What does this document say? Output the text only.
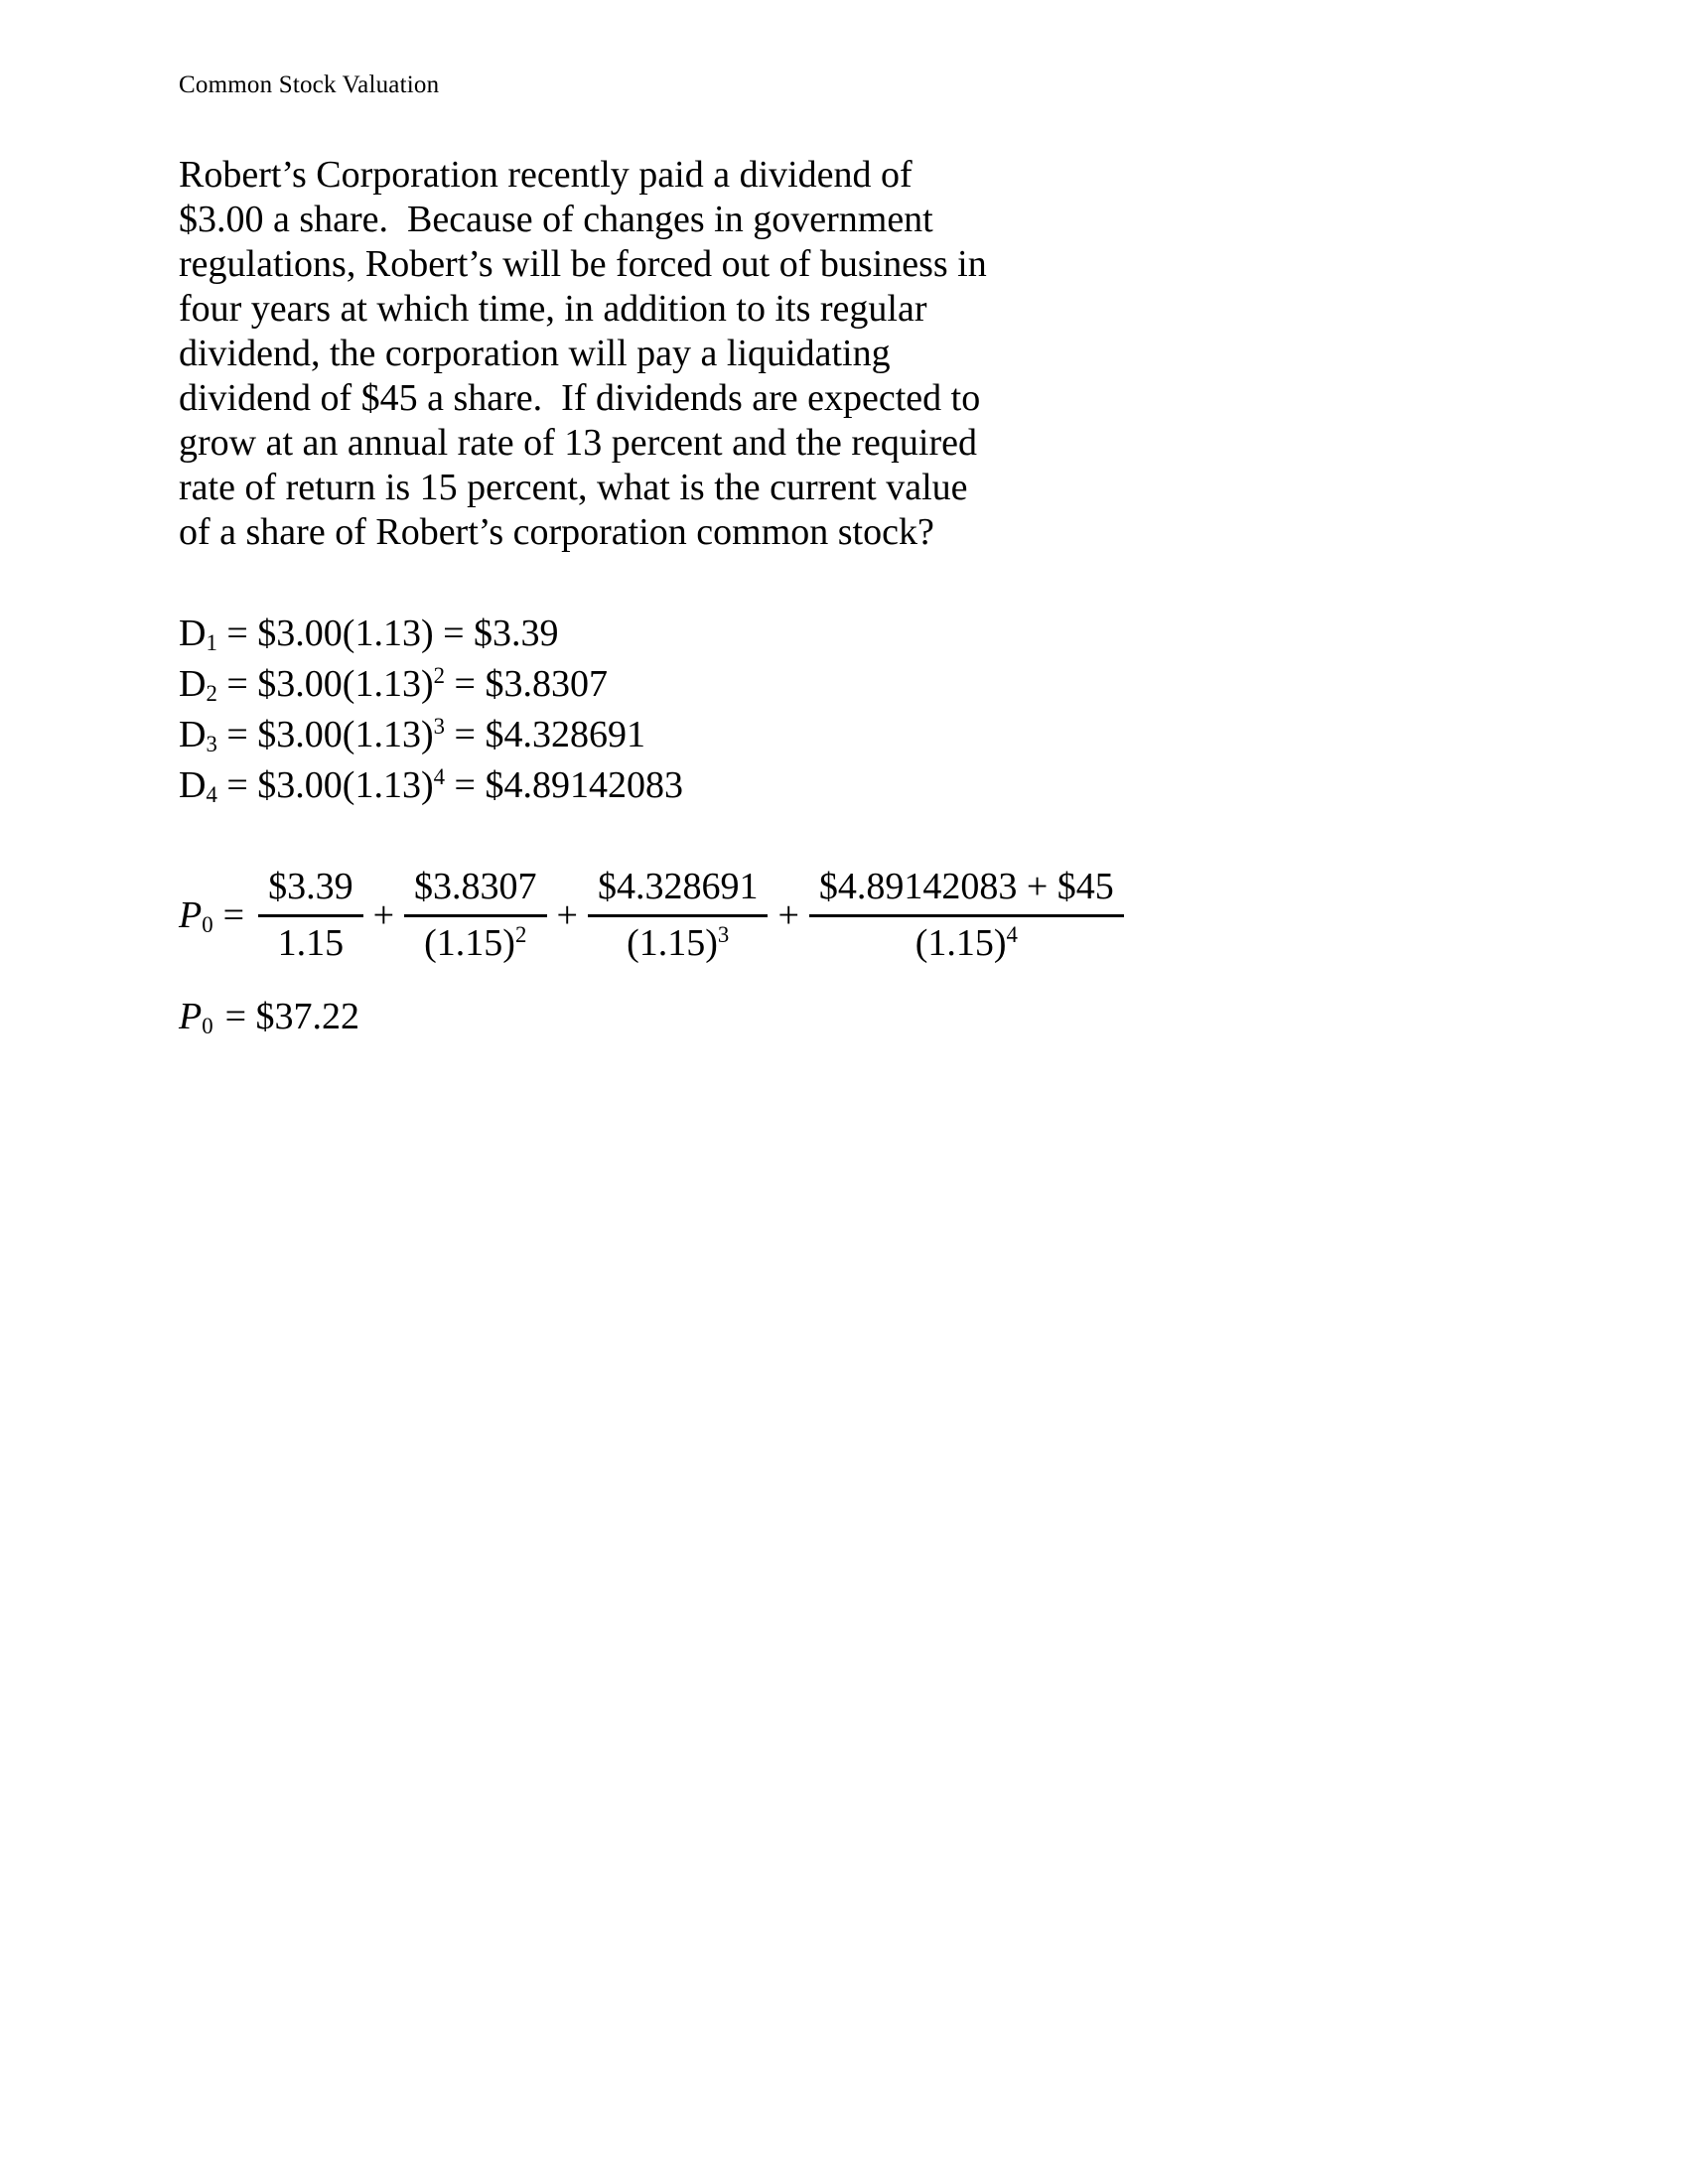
Common Stock Valuation
Robert’s Corporation recently paid a dividend of
$3.00 a share.  Because of changes in government
regulations, Robert’s will be forced out of business in
four years at which time, in addition to its regular
dividend, the corporation will pay a liquidating
dividend of $45 a share.  If dividends are expected to
grow at an annual rate of 13 percent and the required
rate of return is 15 percent, what is the current value
of a share of Robert’s corporation common stock?
$D_1$ = $3.00(1.13) = $3.39
$D_2$ = $\$3.00(1.13)^2$ = $3.8307
$D_3$ = $\$3.00(1.13)^3$ = $4.328691
$D_4$ = $\$3.00(1.13)^4$ = $4.89142083
$P_0 = \frac{\$3.39}{1.15} + \frac{\$3.8307}{(1.15)^2} + \frac{\$4.328691}{(1.15)^3} + \frac{\$4.89142083 + \$45}{(1.15)^4}$
$P_0$ = $37.22
